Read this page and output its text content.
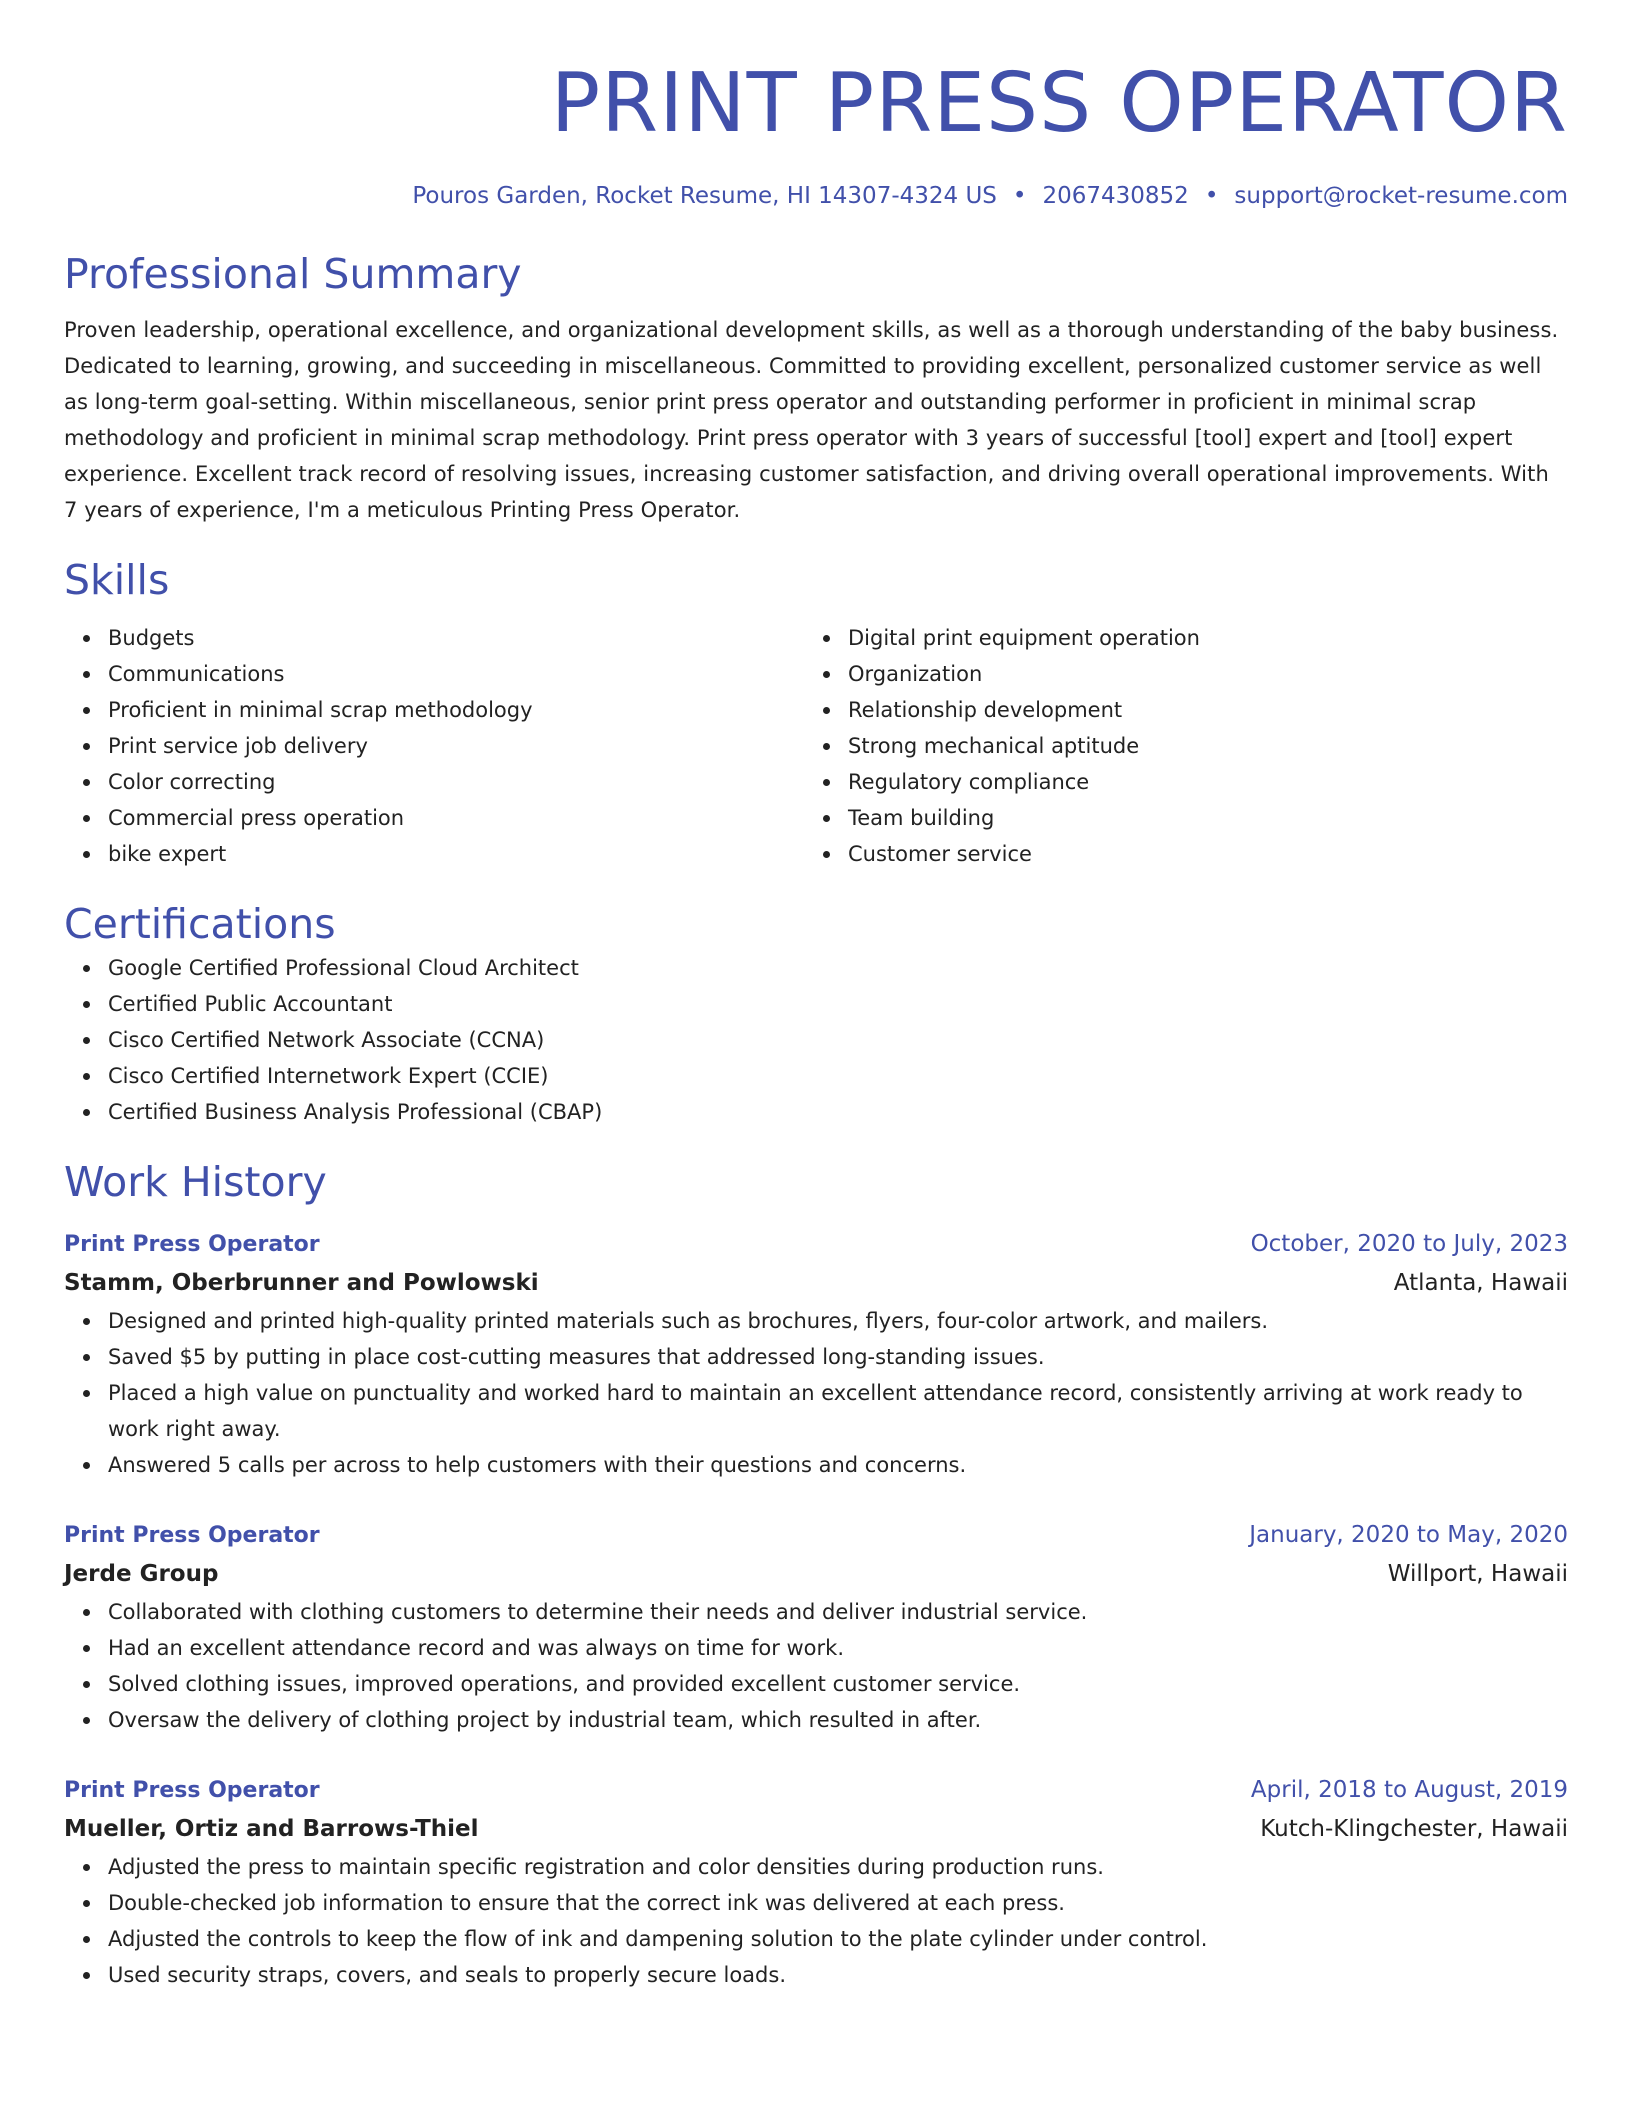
PRINT PRESS OPERATOR
Pouros Garden, Rocket Resume, HI 14307-4324 US • 2067430852 • support@rocket-resume.com
Professional Summary
Proven leadership, operational excellence, and organizational development skills, as well as a thorough understanding of the baby business. Dedicated to learning, growing, and succeeding in miscellaneous. Committed to providing excellent, personalized customer service as well as long-term goal-setting. Within miscellaneous, senior print press operator and outstanding performer in proficient in minimal scrap methodology and proficient in minimal scrap methodology. Print press operator with 3 years of successful [tool] expert and [tool] expert experience. Excellent track record of resolving issues, increasing customer satisfaction, and driving overall operational improvements. With 7 years of experience, I'm a meticulous Printing Press Operator.
Skills
Budgets
Communications
Proficient in minimal scrap methodology
Print service job delivery
Color correcting
Commercial press operation
bike expert
Digital print equipment operation
Organization
Relationship development
Strong mechanical aptitude
Regulatory compliance
Team building
Customer service
Certifications
Google Certified Professional Cloud Architect
Certified Public Accountant
Cisco Certified Network Associate (CCNA)
Cisco Certified Internetwork Expert (CCIE)
Certified Business Analysis Professional (CBAP)
Work History
Print Press Operator	October, 2020 to July, 2023
Stamm, Oberbrunner and Powlowski	Atlanta, Hawaii
Designed and printed high-quality printed materials such as brochures, flyers, four-color artwork, and mailers.
Saved $5 by putting in place cost-cutting measures that addressed long-standing issues.
Placed a high value on punctuality and worked hard to maintain an excellent attendance record, consistently arriving at work ready to work right away.
Answered 5 calls per across to help customers with their questions and concerns.
Print Press Operator	January, 2020 to May, 2020
Jerde Group	Willport, Hawaii
Collaborated with clothing customers to determine their needs and deliver industrial service.
Had an excellent attendance record and was always on time for work.
Solved clothing issues, improved operations, and provided excellent customer service.
Oversaw the delivery of clothing project by industrial team, which resulted in after.
Print Press Operator	April, 2018 to August, 2019
Mueller, Ortiz and Barrows-Thiel	Kutch-Klingchester, Hawaii
Adjusted the press to maintain specific registration and color densities during production runs.
Double-checked job information to ensure that the correct ink was delivered at each press.
Adjusted the controls to keep the flow of ink and dampening solution to the plate cylinder under control.
Used security straps, covers, and seals to properly secure loads.
